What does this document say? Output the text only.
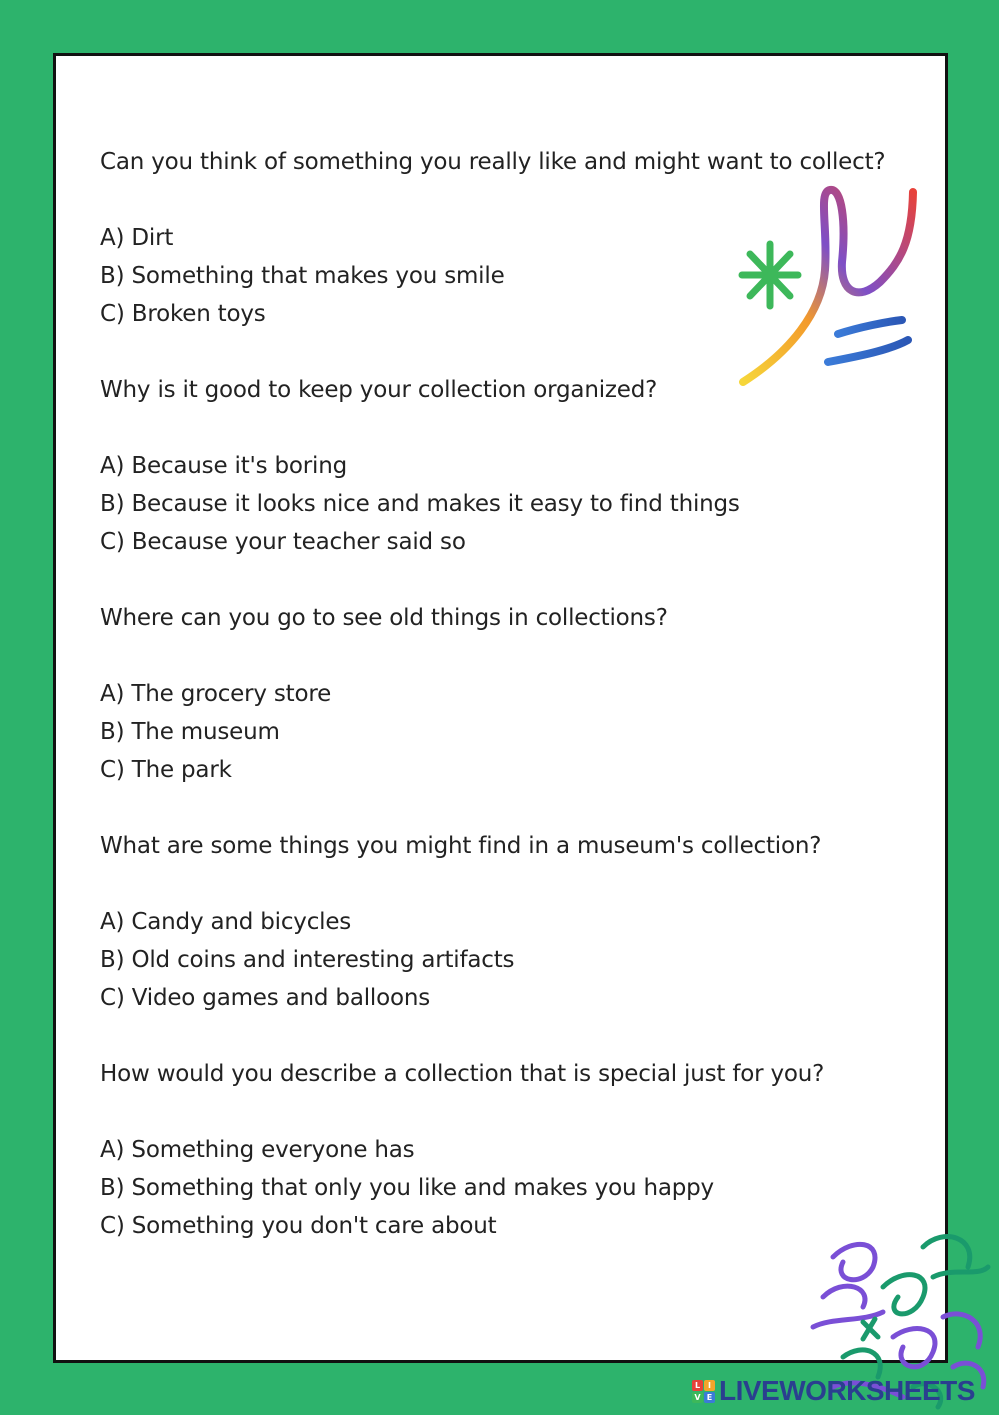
Can you think of something you really like and might want to collect?
A) Dirt
B) Something that makes you smile
C) Broken toys
Why is it good to keep your collection organized?
A) Because it's boring
B) Because it looks nice and makes it easy to find things
C) Because your teacher said so
Where can you go to see old things in collections?
A) The grocery store
B) The museum
C) The park
What are some things you might find in a museum's collection?
A) Candy and bicycles
B) Old coins and interesting artifacts
C) Video games and balloons
How would you describe a collection that is special just for you?
A) Something everyone has
B) Something that only you like and makes you happy
C) Something you don't care about
L I
V E LIVEWORKSHEETS
